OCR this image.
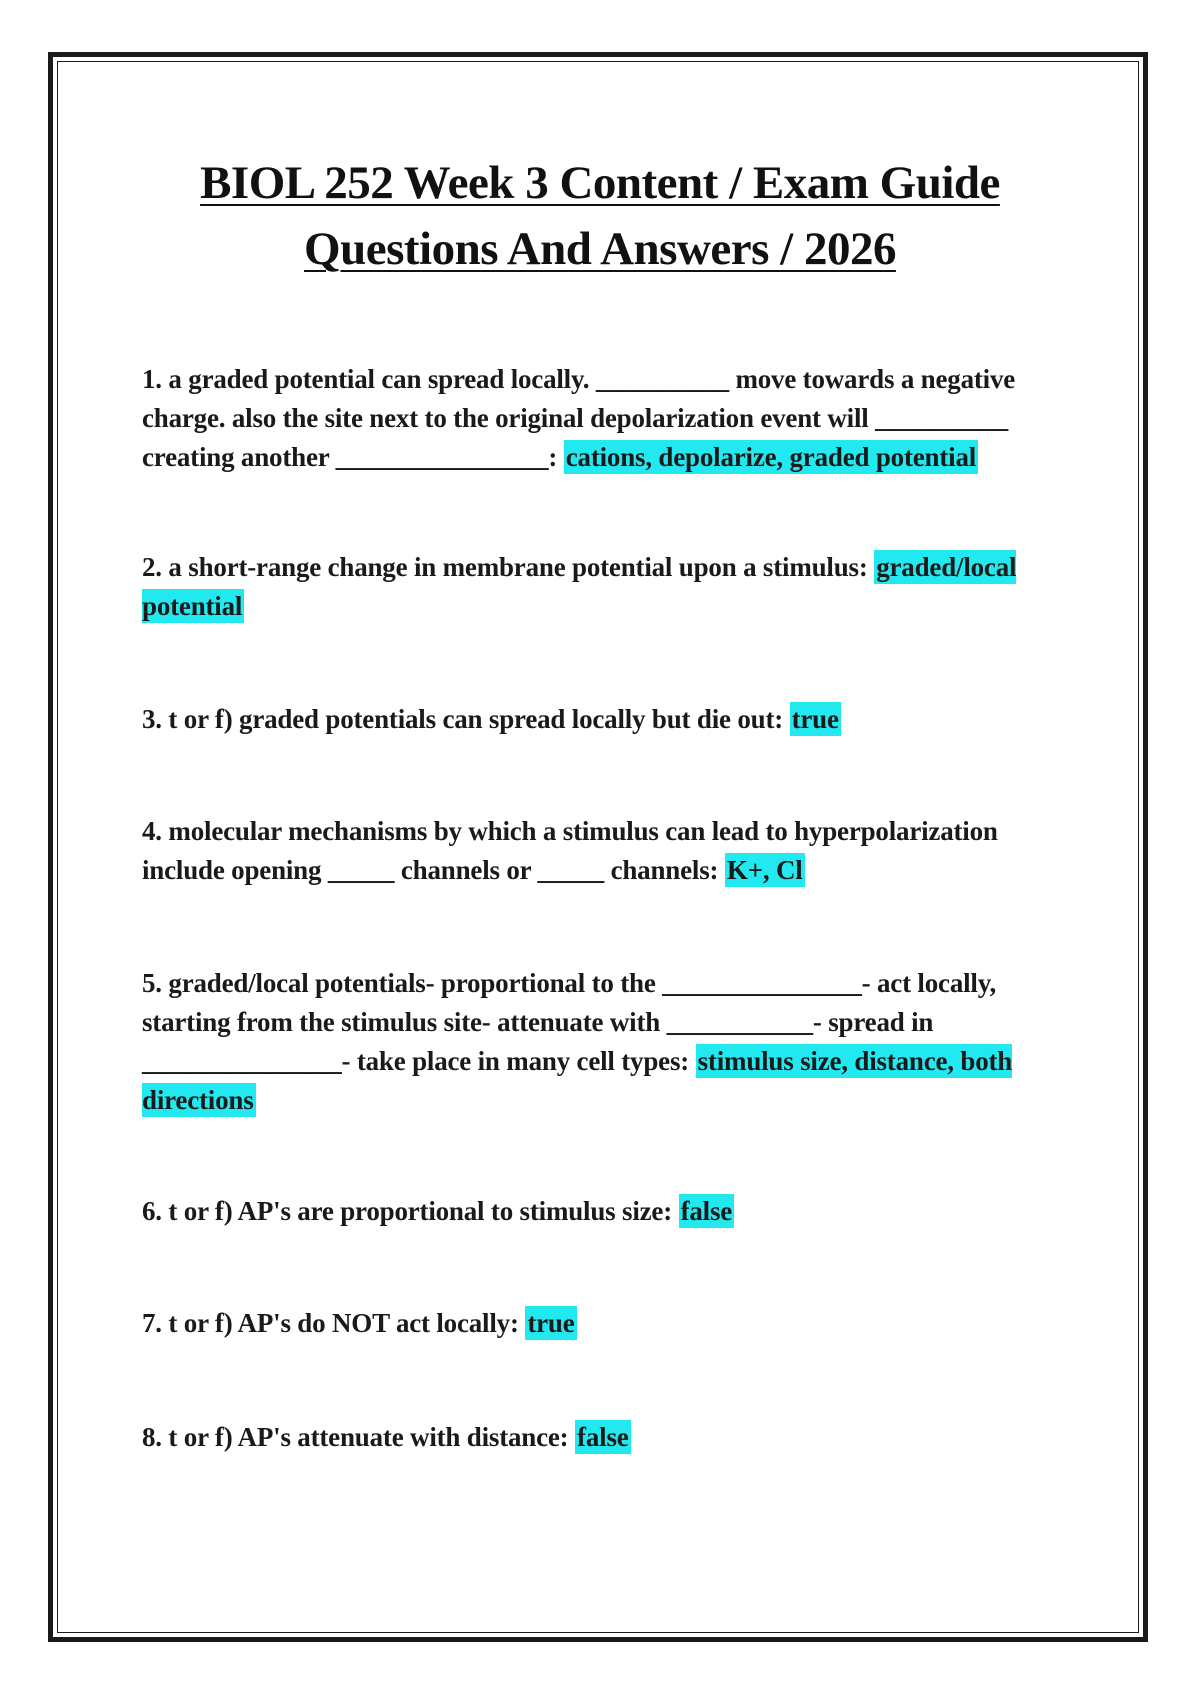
BIOL 252 Week 3 Content / Exam Guide
Questions And Answers / 2026

1. a graded potential can spread locally. __________ move towards a negative charge. also the site next to the original depolarization event will __________ creating another ________________: cations, depolarize, graded potential

2. a short-range change in membrane potential upon a stimulus: graded/local potential

3. t or f) graded potentials can spread locally but die out: true

4. molecular mechanisms by which a stimulus can lead to hyperpolarization include opening _____ channels or _____ channels: K+, Cl

5. graded/local potentials- proportional to the _______________- act locally, starting from the stimulus site- attenuate with ___________- spread in _______________- take place in many cell types: stimulus size, distance, both directions

6. t or f) AP's are proportional to stimulus size: false

7. t or f) AP's do NOT act locally: true

8. t or f) AP's attenuate with distance: false
